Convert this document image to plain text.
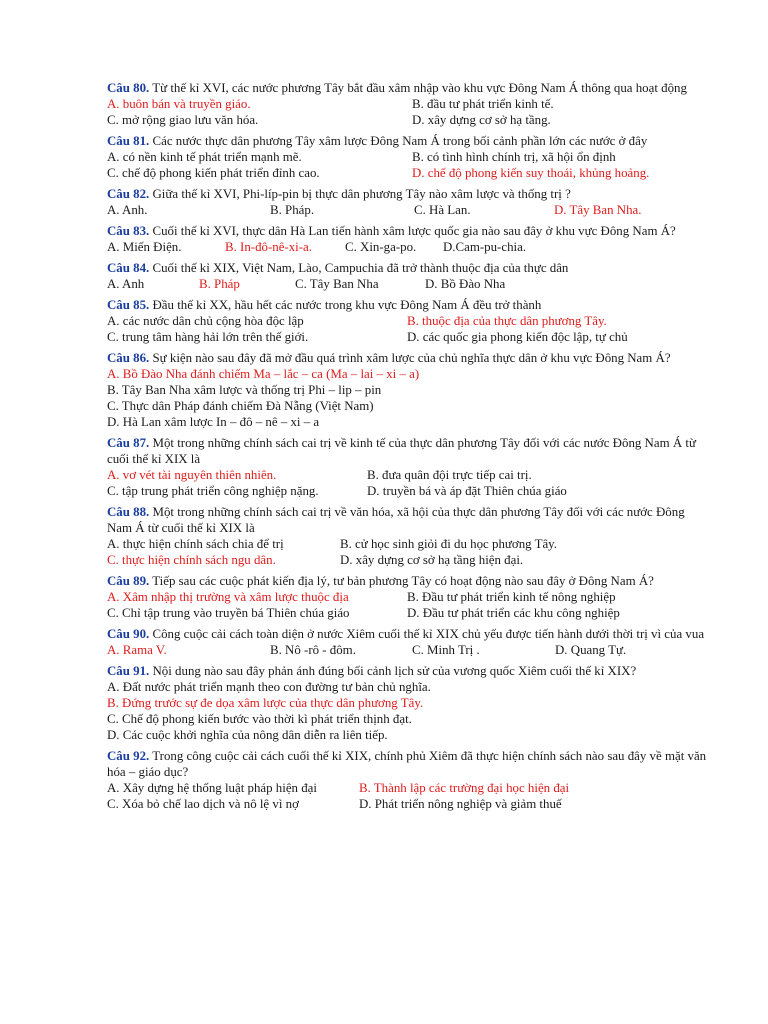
Câu 80. Từ thế kỉ XVI, các nước phương Tây bắt đầu xâm nhập vào khu vực Đông Nam Á thông qua hoạt động
A. buôn bán và truyền giáo.	B. đầu tư phát triển kinh tế.
C. mở rộng giao lưu văn hóa.	D. xây dựng cơ sở hạ tầng.
Câu 81. Các nước thực dân phương Tây xâm lược Đông Nam Á trong bối cảnh phần lớn các nước ở đây
A. có nền kinh tế phát triển mạnh mẽ.	B. có tình hình chính trị, xã hội ổn định
C. chế độ phong kiến phát triển đỉnh cao.	D. chế độ phong kiến suy thoái, khủng hoảng.
Câu 82. Giữa thế kỉ XVI, Phi-líp-pin bị thực dân phương Tây nào xâm lược và thống trị ?
A. Anh.	B. Pháp.	C. Hà Lan.	D. Tây Ban Nha.
Câu 83. Cuối thế kỉ XVI, thực dân Hà Lan tiến hành xâm lược quốc gia nào sau đây ở khu vực Đông Nam Á?
A. Miến Điện.	B. In-đô-nê-xi-a.	C. Xin-ga-po.	D.Cam-pu-chia.
Câu 84. Cuối thế kỉ XIX, Việt Nam, Lào, Campuchia đã trở thành thuộc địa của thực dân
A. Anh	B. Pháp	C. Tây Ban Nha	D. Bồ Đào Nha
Câu 85. Đầu thế kỉ XX, hầu hết các nước trong khu vực Đông Nam Á đều trở thành
A. các nước dân chủ cộng hòa độc lập	B. thuộc địa của thực dân phương Tây.
C. trung tâm hàng hải lớn trên thế giới.	D. các quốc gia phong kiến độc lập, tự chủ
Câu 86. Sự kiện nào sau đây đã mở đầu quá trình xâm lược của chủ nghĩa thực dân ở khu vực Đông Nam Á?
A. Bồ Đào Nha đánh chiếm Ma – lắc – ca (Ma – lai – xi – a)
B. Tây Ban Nha xâm lược và thống trị Phi – lip – pin
C. Thực dân Pháp đánh chiếm Đà Nẵng (Việt Nam)
D. Hà Lan xâm lược In – đô – nê – xi – a
Câu 87. Một trong những chính sách cai trị về kinh tế của thực dân phương Tây đối với các nước Đông Nam Á từ cuối thế kỉ XIX là
A. vơ vét tài nguyên thiên nhiên.	B. đưa quân đội trực tiếp cai trị.
C. tập trung phát triển công nghiệp nặng.	D. truyền bá và áp đặt Thiên chúa giáo
Câu 88. Một trong những chính sách cai trị về văn hóa, xã hội của thực dân phương Tây đối với các nước Đông Nam Á từ cuối thế kỉ XIX là
A. thực hiện chính sách chia để trị	B. cử học sinh giỏi đi du học phương Tây.
C. thực hiện chính sách ngu dân.	D. xây dựng cơ sở hạ tầng hiện đại.
Câu 89. Tiếp sau các cuộc phát kiến địa lý, tư bản phương Tây có hoạt động nào sau đây ở Đông Nam Á?
A. Xâm nhập thị trường và xâm lược thuộc địa	B. Đầu tư phát triển kinh tế nông nghiệp
C. Chỉ tập trung vào truyền bá Thiên chúa giáo	D. Đầu tư phát triển các khu công nghiệp
Câu 90. Công cuộc cải cách toàn diện ở nước Xiêm cuối thế kỉ XIX chủ yếu được tiến hành dưới thời trị vì của vua
A. Rama V.	B. Nô -rô - đôm.	C. Minh Trị .	D. Quang Tự.
Câu 91. Nội dung nào sau đây phản ánh đúng bối cảnh lịch sử của vương quốc Xiêm cuối thế kỉ XIX?
A. Đất nước phát triển mạnh theo con đường tư bản chủ nghĩa.
B. Đứng trước sự đe dọa xâm lược của thực dân phương Tây.
C. Chế độ phong kiến bước vào thời kì phát triển thịnh đạt.
D. Các cuộc khởi nghĩa của nông dân diễn ra liên tiếp.
Câu 92. Trong công cuộc cải cách cuối thế kỉ XIX, chính phủ Xiêm đã thực hiện chính sách nào sau đây về mặt văn hóa – giáo dục?
A. Xây dựng hệ thống luật pháp hiện đại	B. Thành lập các trường đại học hiện đại
C. Xóa bỏ chế lao dịch và nô lệ vì nợ	D. Phát triển nông nghiệp và giảm thuế
